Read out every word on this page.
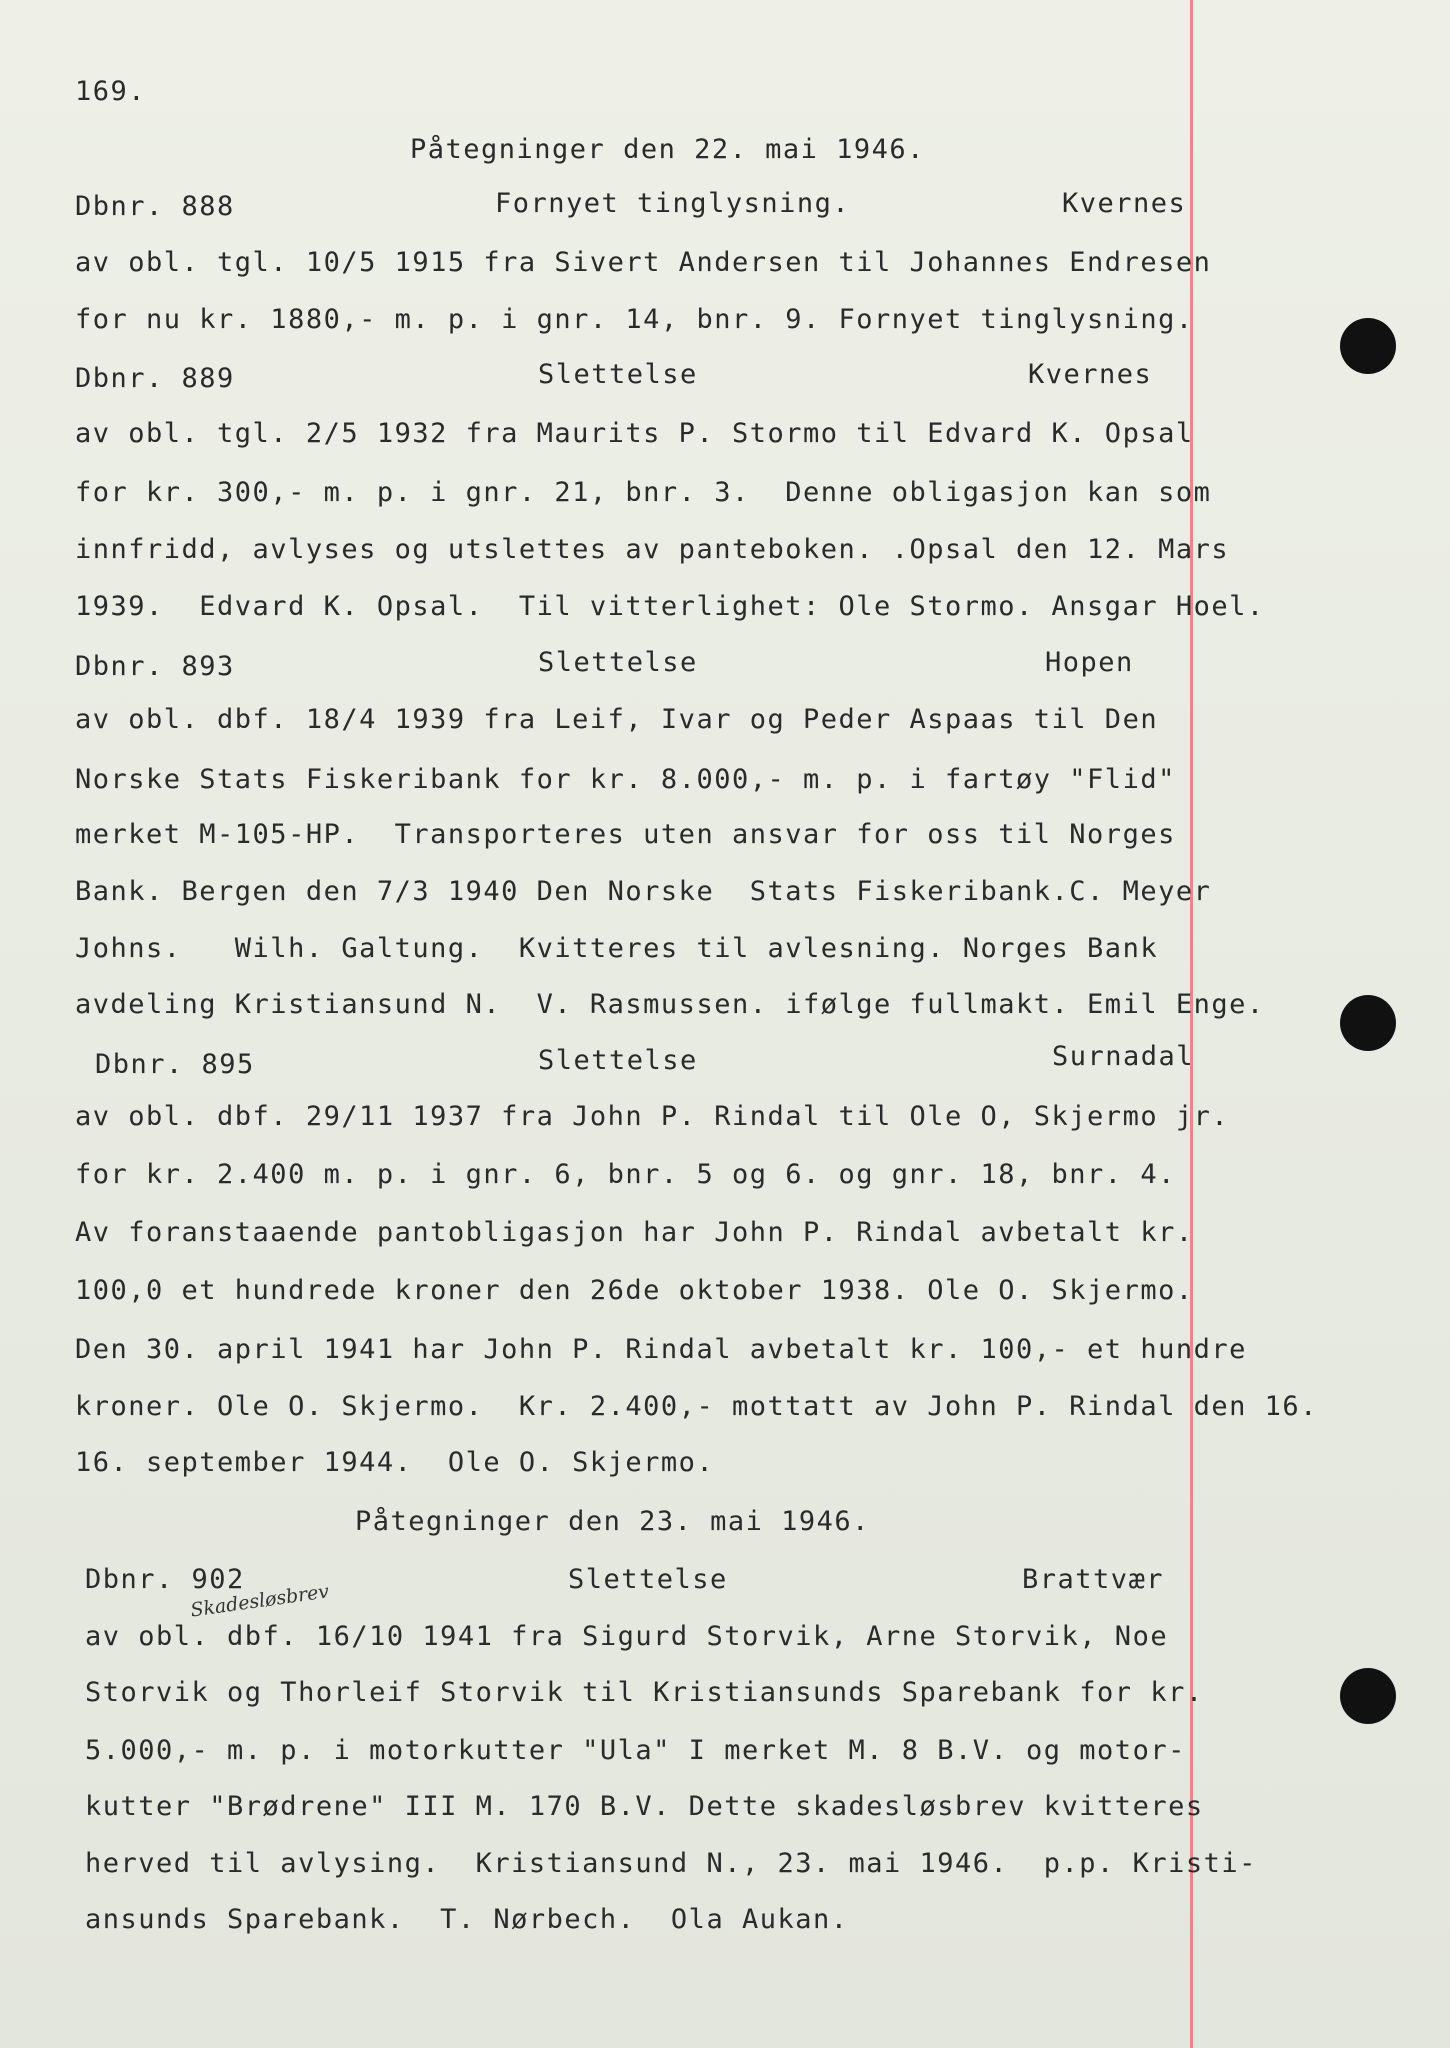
169.
Påtegninger den 22. mai 1946.
Dbnr. 888	Fornyet tinglysning.	Kvernes
av obl. tgl. 10/5 1915 fra Sivert Andersen til Johannes Endresen
for nu kr. 1880,- m. p. i gnr. 14, bnr. 9. Fornyet tinglysning.
Dbnr. 889	Slettelse	Kvernes
av obl. tgl. 2/5 1932 fra Maurits P. Stormo til Edvard K. Opsal
for kr. 300,- m. p. i gnr. 21, bnr. 3.  Denne obligasjon kan som
innfridd, avlyses og utslettes av panteboken. .Opsal den 12. Mars
1939.  Edvard K. Opsal.  Til vitterlighet: Ole Stormo. Ansgar Hoel.
Dbnr. 893	Slettelse	Hopen
av obl. dbf. 18/4 1939 fra Leif, Ivar og Peder Aspaas til Den
Norske Stats Fiskeribank for kr. 8.000,- m. p. i fartøy "Flid"
merket M-105-HP.  Transporteres uten ansvar for oss til Norges
Bank. Bergen den 7/3 1940 Den Norske  Stats Fiskeribank.C. Meyer
Johns.   Wilh. Galtung.  Kvitteres til avlesning. Norges Bank
avdeling Kristiansund N.  V. Rasmussen. ifølge fullmakt. Emil Enge.
Dbnr. 895	Slettelse	Surnadal
av obl. dbf. 29/11 1937 fra John P. Rindal til Ole O, Skjermo jr.
for kr. 2.400 m. p. i gnr. 6, bnr. 5 og 6. og gnr. 18, bnr. 4.
Av foranstaaende pantobligasjon har John P. Rindal avbetalt kr.
100,0 et hundrede kroner den 26de oktober 1938. Ole O. Skjermo.
Den 30. april 1941 har John P. Rindal avbetalt kr. 100,- et hundre
kroner. Ole O. Skjermo.  Kr. 2.400,- mottatt av John P. Rindal den 16.
16. september 1944.  Ole O. Skjermo.
Påtegninger den 23. mai 1946.
Dbnr. 902	Slettelse	Brattvær
Skadesløsbrev
av obl. dbf. 16/10 1941 fra Sigurd Storvik, Arne Storvik, Noe
Storvik og Thorleif Storvik til Kristiansunds Sparebank for kr.
5.000,- m. p. i motorkutter "Ula" I merket M. 8 B.V. og motor-
kutter "Brødrene" III M. 170 B.V. Dette skadesløsbrev kvitteres
herved til avlysing.  Kristiansund N., 23. mai 1946.  p.p. Kristi-
ansunds Sparebank.  T. Nørbech.  Ola Aukan.
